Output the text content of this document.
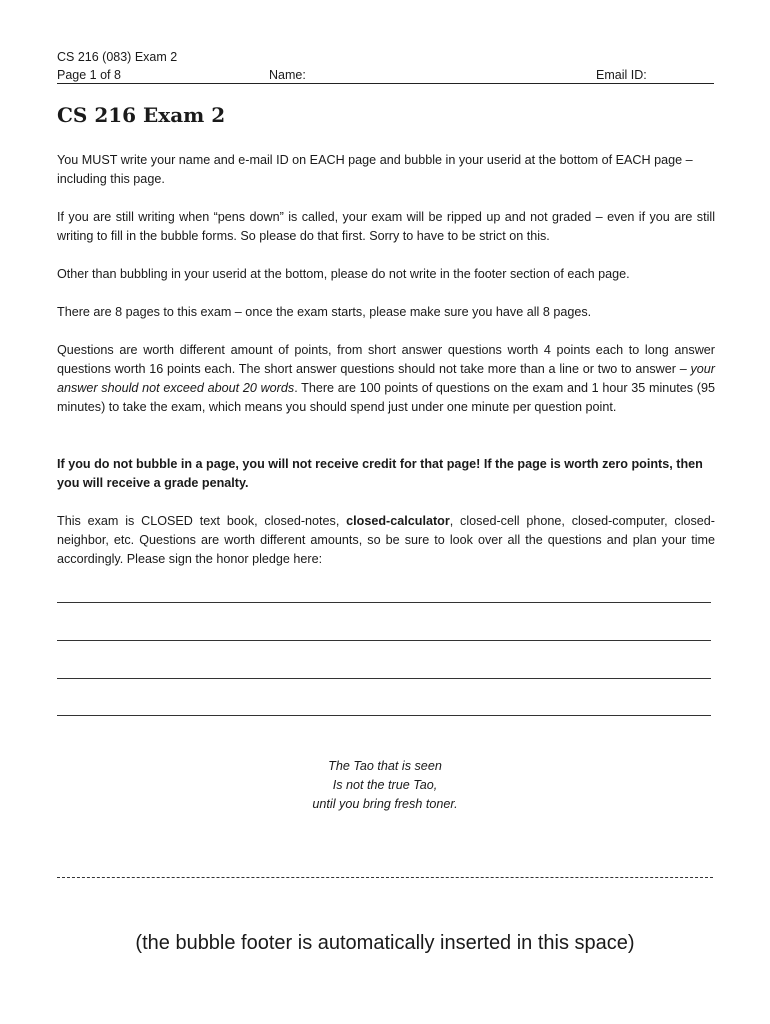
CS 216 (083) Exam 2
Page 1 of 8	Name:	Email ID:
CS 216 Exam 2

You MUST write your name and e-mail ID on EACH page and bubble in your userid at the bottom of EACH page – including this page.

If you are still writing when “pens down” is called, your exam will be ripped up and not graded – even if you are still writing to fill in the bubble forms. So please do that first. Sorry to have to be strict on this.

Other than bubbling in your userid at the bottom, please do not write in the footer section of each page.

There are 8 pages to this exam – once the exam starts, please make sure you have all 8 pages.

Questions are worth different amount of points, from short answer questions worth 4 points each to long answer questions worth 16 points each. The short answer questions should not take more than a line or two to answer – your answer should not exceed about 20 words. There are 100 points of questions on the exam and 1 hour 35 minutes (95 minutes) to take the exam, which means you should spend just under one minute per question point.

If you do not bubble in a page, you will not receive credit for that page! If the page is worth zero points, then you will receive a grade penalty.

This exam is CLOSED text book, closed-notes, closed-calculator, closed-cell phone, closed-computer, closed-neighbor, etc. Questions are worth different amounts, so be sure to look over all the questions and plan your time accordingly. Please sign the honor pledge here:

The Tao that is seen
Is not the true Tao,
until you bring fresh toner.
(the bubble footer is automatically inserted in this space)
